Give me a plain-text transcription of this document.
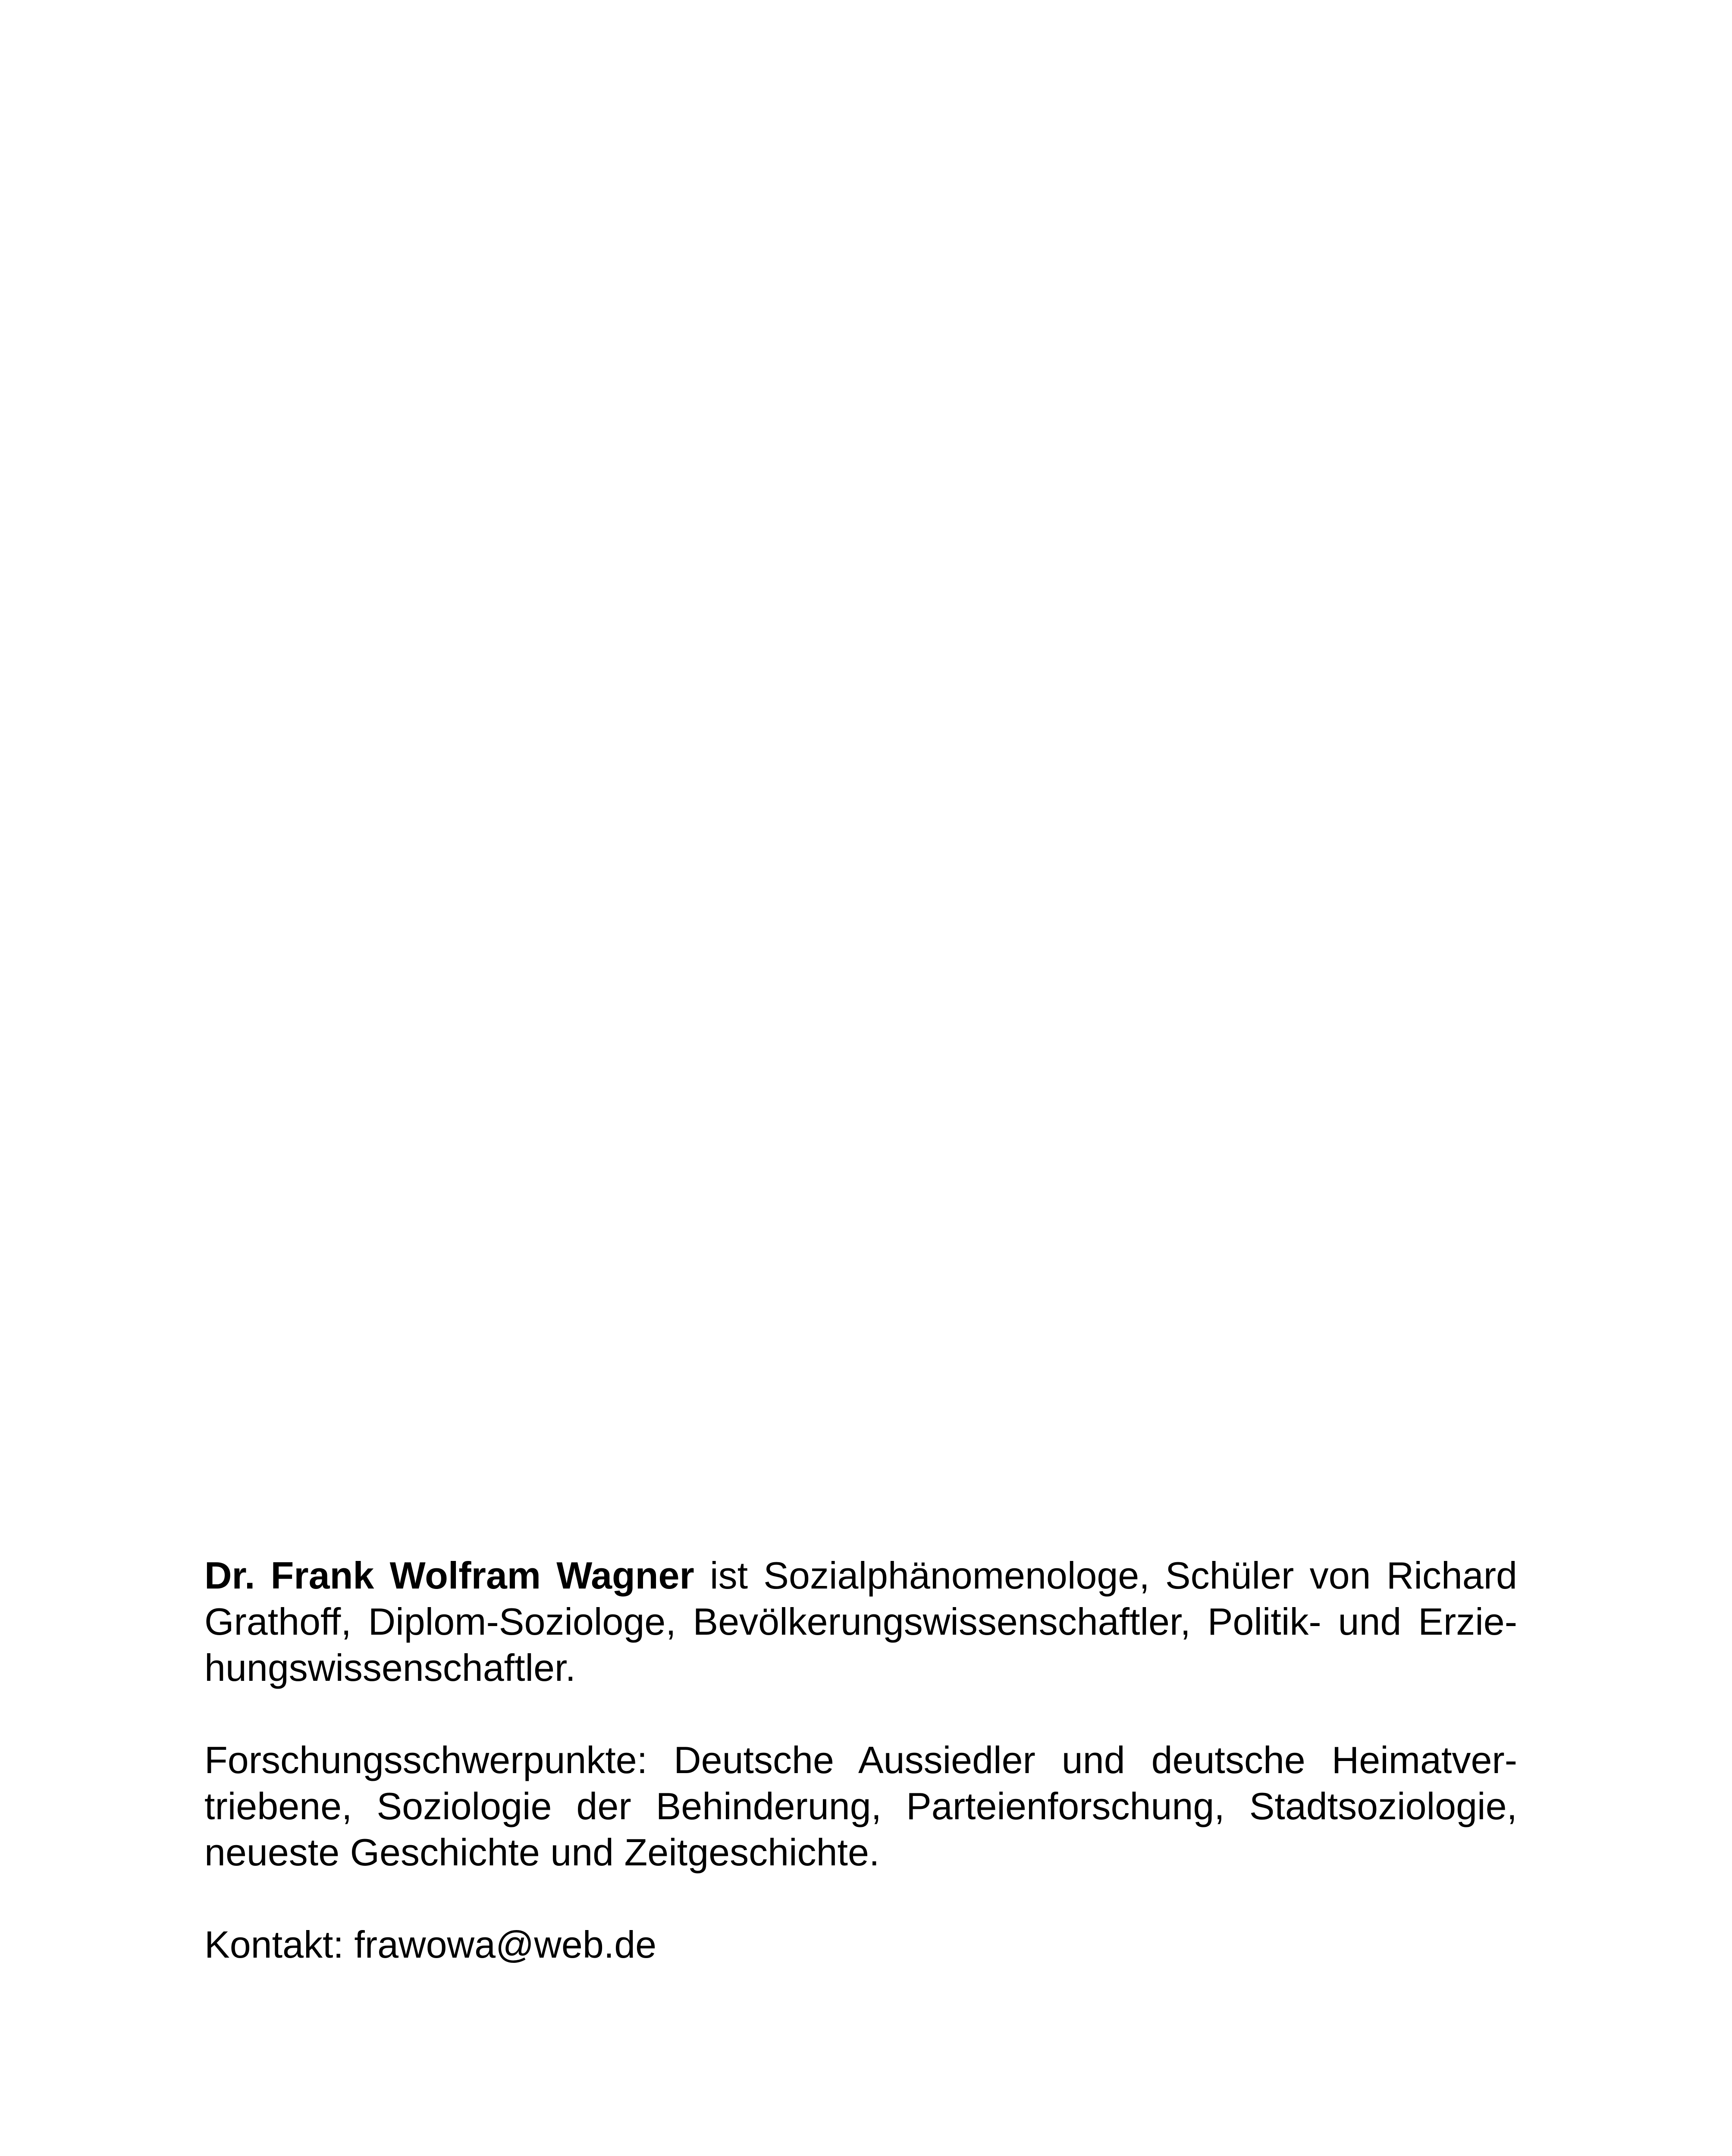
Dr. Frank Wolfram Wagner ist Sozialphänomenologe, Schüler von Richard
Grathoff, Diplom-Soziologe, Bevölkerungswissenschaftler, Politik- und Erzie-
hungswissenschaftler.

Forschungsschwerpunkte: Deutsche Aussiedler und deutsche Heimatver-
triebene, Soziologie der Behinderung, Parteienforschung, Stadtsoziologie,
neueste Geschichte und Zeitgeschichte.

Kontakt: frawowa@web.de
